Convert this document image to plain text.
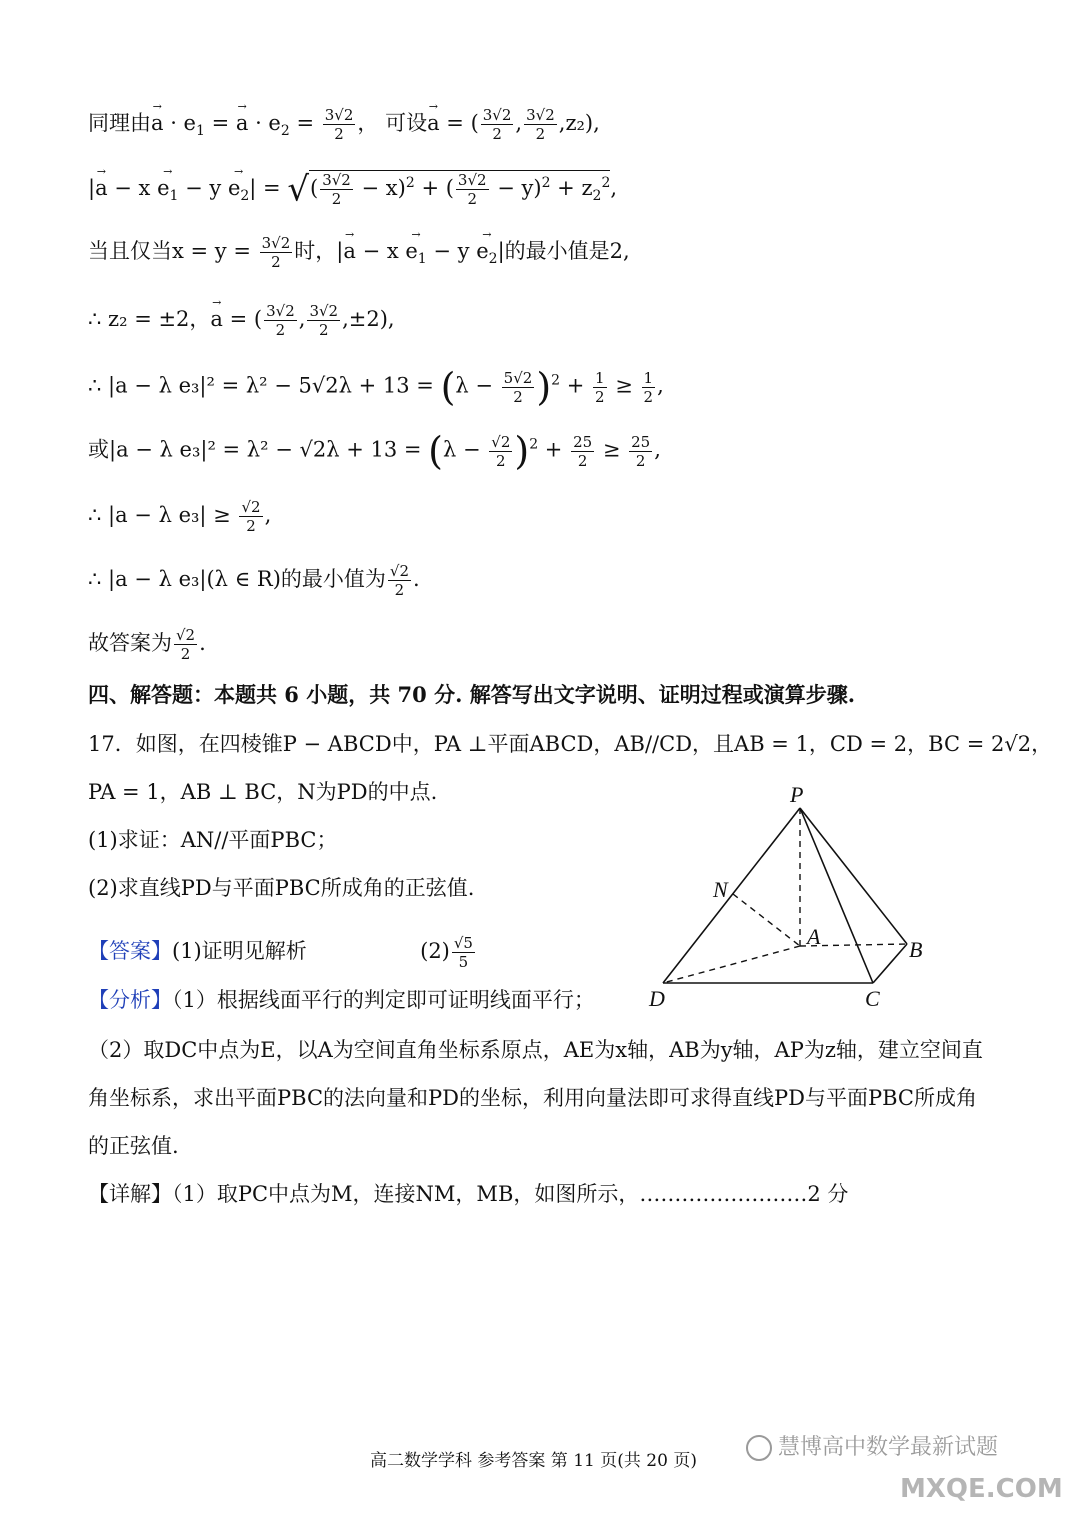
同理由→ $a \cdot e_1$ = → $a \cdot e_2 = \frac{3√2}{2}$ ， 可设→ a = ( $\frac{3√2}{2}$ , $\frac{3√2}{2} ,z_2$),
|→ $a - x \to e_1 - y \to e_2|$ = √( $\frac{3√2}{2} - x)^2$ + ( $\frac{3√2}{2} - y)^2 + z_2^2$,
当且仅当$x = y = \frac{3√2}{2}$ 时，|→ $a - x \to e_1 - y \to e_2|$的最小值是2,
∴ z₂ = ±2，→ a = ( $\frac{3√2}{2}$ , $\frac{3√2}{2} ,\pm 2$),
∴ |a − λ $e_3|^2 = \lambda^2 - 5√2\lambda + 13 = (\lambda - \frac{5√2}{2} )^2 + \frac{1}{2} \ge \frac{1}{2}$ ,
或|a − λ $e_3|^2 = \lambda^2 - √2\lambda + 13 = (\lambda - \frac{√2}{2} )^2 + \frac{25}{2} \ge \frac{25}{2}$ ,
∴ |a − λ $e_3| \ge \frac{√2}{2}$ ,
∴ |a − λ e₃|(λ ∈ R)的最小值为 $\frac{√2}{2}$ .
故答案为 $\frac{√2}{2}$ .
四、解答题：本题共 6 小题，共 70 分. 解答写出文字说明、证明过程或演算步骤.
17．如图，在四棱锥P − ABCD中，PA ⊥平面ABCD，AB//CD，且AB = 1，CD = 2，BC = 2√2，
PA = 1，AB ⊥ BC，N为PD的中点.
(1)求证：AN//平面PBC；
(2)求直线PD与平面PBC所成角的正弦值.
【答案】(1)证明见解析	$(2) \frac{√5}{5}$
【分析】（1）根据线面平行的判定即可证明线面平行；
（2）取DC中点为E，以A为空间直角坐标系原点，AE为x轴，AB为y轴，AP为z轴，建立空间直
角坐标系，求出平面PBC的法向量和PD的坐标，利用向量法即可求得直线PD与平面PBC所成角
的正弦值.
【详解】（1）取PC中点为M，连接NM，MB，如图所示，……………………2 分
P
N
A
B
D	C
高二数学学科 参考答案 第 11 页(共 20 页)
慧博高中数学最新试题
MXQE.COM
